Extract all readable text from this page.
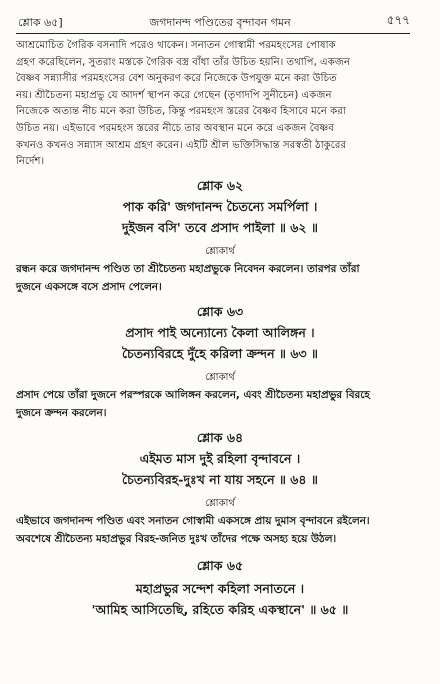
শ্লোক ৬৫]	জগদানন্দ পণ্ডিতের বৃন্দাবন গমন	৫৭৭
আশ্রমোচিত গৈরিক বসনাদি পরেও থাকেন। সনাতন গোস্বামী পরমহংসের পোষাক
গ্রহণ করেছিলেন, সুতরাং মস্তকে গৈরিক বস্ত্র বাঁধা তাঁর উচিত হয়নি। তথাপি, একজন
বৈষ্ণব সন্ন্যাসীর পরমহংসের বেশ অনুকরণ করে নিজেকে উপযুক্ত মনে করা উচিত
নয়। শ্রীচৈতন্য মহাপ্রভু যে আদর্শ স্থাপন করে গেছেন (তৃণাদপি সুনীচেন) একজন
নিজেকে অত্যন্ত নীচ মনে করা উচিত, কিন্তু পরমহংস স্তরের বৈষ্ণব হিসাবে মনে করা
উচিত নয়। এইভাবে পরমহংস স্তরের নীচে তার অবস্থান মনে করে একজন বৈষ্ণব
কখনও কখনও সন্ন্যাস আশ্রম গ্রহণ করেন। এইটি শ্রীল ভক্তিসিদ্ধান্ত সরস্বতী ঠাকুরের
নির্দেশ।
শ্লোক ৬২
পাক করি' জগদানন্দ চৈতন্যে সমর্পিলা ।
দুইজন বসি' তবে প্রসাদ পাইলা ॥ ৬২ ॥
শ্লোকার্থ
রন্ধন করে জগদানন্দ পণ্ডিত তা শ্রীচৈতন্য মহাপ্রভুকে নিবেদন করলেন। তারপর তাঁরা
দুজনে একসঙ্গে বসে প্রসাদ পেলেন।
শ্লোক ৬৩
প্রসাদ পাই অন্যোন্যে কৈলা আলিঙ্গন ।
চৈতন্যবিরহে দুঁহে করিলা ক্রন্দন ॥ ৬৩ ॥
শ্লোকার্থ
প্রসাদ পেয়ে তাঁরা দুজনে পরস্পরকে আলিঙ্গন করলেন, এবং শ্রীচৈতন্য মহাপ্রভুর বিরহে
দুজনে ক্রন্দন করলেন।
শ্লোক ৬৪
এইমত মাস দুই রহিলা বৃন্দাবনে ।
চৈতন্যবিরহ-দুঃখ না যায় সহনে ॥ ৬৪ ॥
শ্লোকার্থ
এইভাবে জগদানন্দ পণ্ডিত এবং সনাতন গোস্বামী একসঙ্গে প্রায় দুমাস বৃন্দাবনে রইলেন।
অবশেষে শ্রীচৈতন্য মহাপ্রভুর বিরহ-জনিত দুঃখ তাঁদের পক্ষে অসহ্য হয়ে উঠল।
শ্লোক ৬৫
মহাপ্রভুর সন্দেশ কহিলা সনাতনে ।
'আমিহ আসিতেছি, রহিতে করিহ একস্থানে' ॥ ৬৫ ॥
